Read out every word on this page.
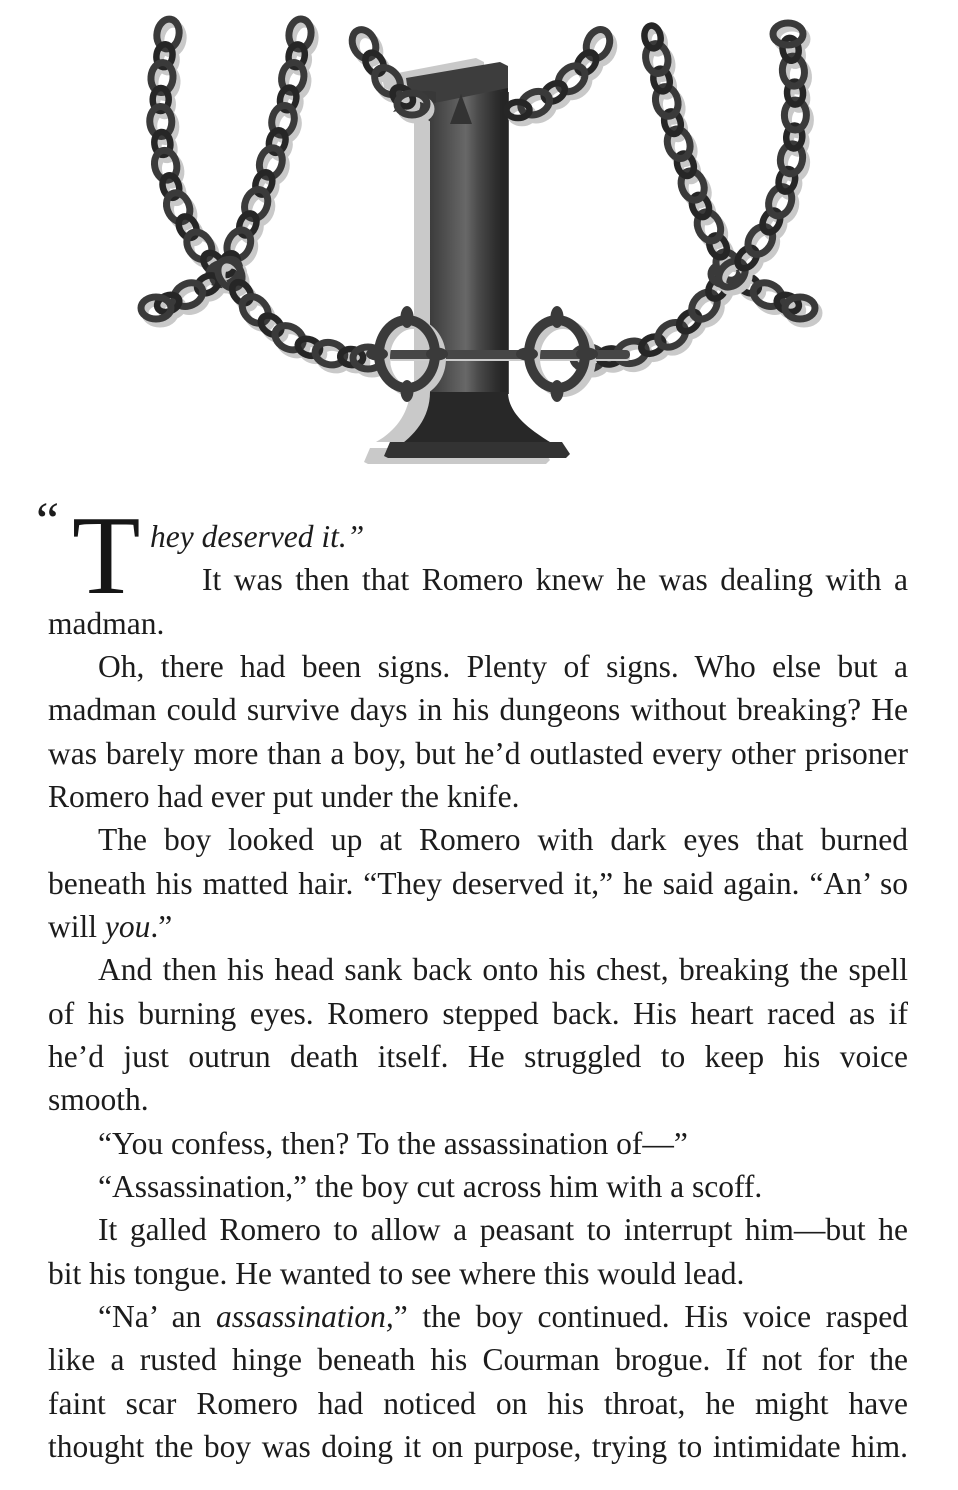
“ T hey deserved it.”
It was then that Romero knew he was dealing with a
madman.
Oh, there had been signs. Plenty of signs. Who else but a
madman could survive days in his dungeons without breaking? He
was barely more than a boy, but he’d outlasted every other prisoner
Romero had ever put under the knife.
The boy looked up at Romero with dark eyes that burned
beneath his matted hair. “They deserved it,” he said again. “An’ so
will you.”
And then his head sank back onto his chest, breaking the spell
of his burning eyes. Romero stepped back. His heart raced as if
he’d just outrun death itself. He struggled to keep his voice
smooth.
“You confess, then? To the assassination of—”
“Assassination,” the boy cut across him with a scoff.
It galled Romero to allow a peasant to interrupt him—but he
bit his tongue. He wanted to see where this would lead.
“Na’ an assassination,” the boy continued. His voice rasped
like a rusted hinge beneath his Courman brogue. If not for the
faint scar Romero had noticed on his throat, he might have
thought the boy was doing it on purpose, trying to intimidate him.
